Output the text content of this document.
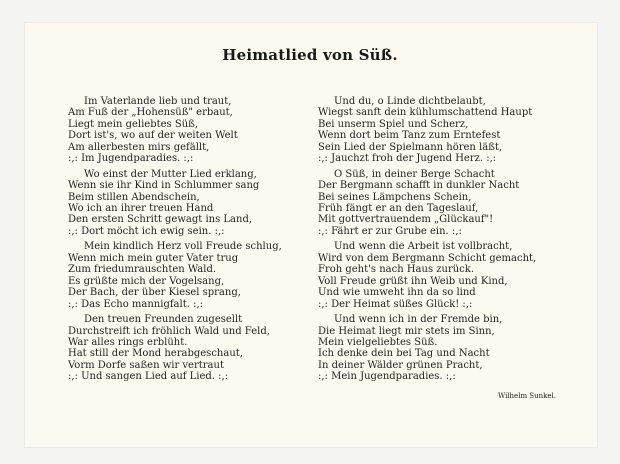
Heimatlied von Süß.
Im Vaterlande lieb und traut,
Am Fuß der „Hohensüß" erbaut,
Liegt mein geliebtes Süß,
Dort ist's, wo auf der weiten Welt
Am allerbesten mirs gefällt,
:,: Im Jugendparadies. :,:
Wo einst der Mutter Lied erklang,
Wenn sie ihr Kind in Schlummer sang
Beim stillen Abendschein,
Wo ich an ihrer treuen Hand
Den ersten Schritt gewagt ins Land,
:,: Dort möcht ich ewig sein. :,:
Mein kindlich Herz voll Freude schlug,
Wenn mich mein guter Vater trug
Zum friedumrauschten Wald.
Es grüßte mich der Vogelsang,
Der Bach, der über Kiesel sprang,
:,: Das Echo mannigfalt. :,:
Den treuen Freunden zugesellt
Durchstreift ich fröhlich Wald und Feld,
War alles rings erblüht.
Hat still der Mond herabgeschaut,
Vorm Dorfe saßen wir vertraut
:,: Und sangen Lied auf Lied. :,:
Und du, o Linde dichtbelaubt,
Wiegst sanft dein kühlumschattend Haupt
Bei unserm Spiel und Scherz,
Wenn dort beim Tanz zum Erntefest
Sein Lied der Spielmann hören läßt,
:,: Jauchzt froh der Jugend Herz. :,:
O Süß, in deiner Berge Schacht
Der Bergmann schafft in dunkler Nacht
Bei seines Lämpchens Schein,
Früh fängt er an den Tageslauf,
Mit gottvertrauendem „Glückauf"!
:,: Fährt er zur Grube ein. :,:
Und wenn die Arbeit ist vollbracht,
Wird von dem Bergmann Schicht gemacht,
Froh geht's nach Haus zurück.
Voll Freude grüßt ihn Weib und Kind,
Und wie umweht ihn da so lind
:,: Der Heimat süßes Glück! :,:
Und wenn ich in der Fremde bin,
Die Heimat liegt mir stets im Sinn,
Mein vielgeliebtes Süß.
Ich denke dein bei Tag und Nacht
In deiner Wälder grünen Pracht,
:,: Mein Jugendparadies. :,:
Wilhelm Sunkel.
